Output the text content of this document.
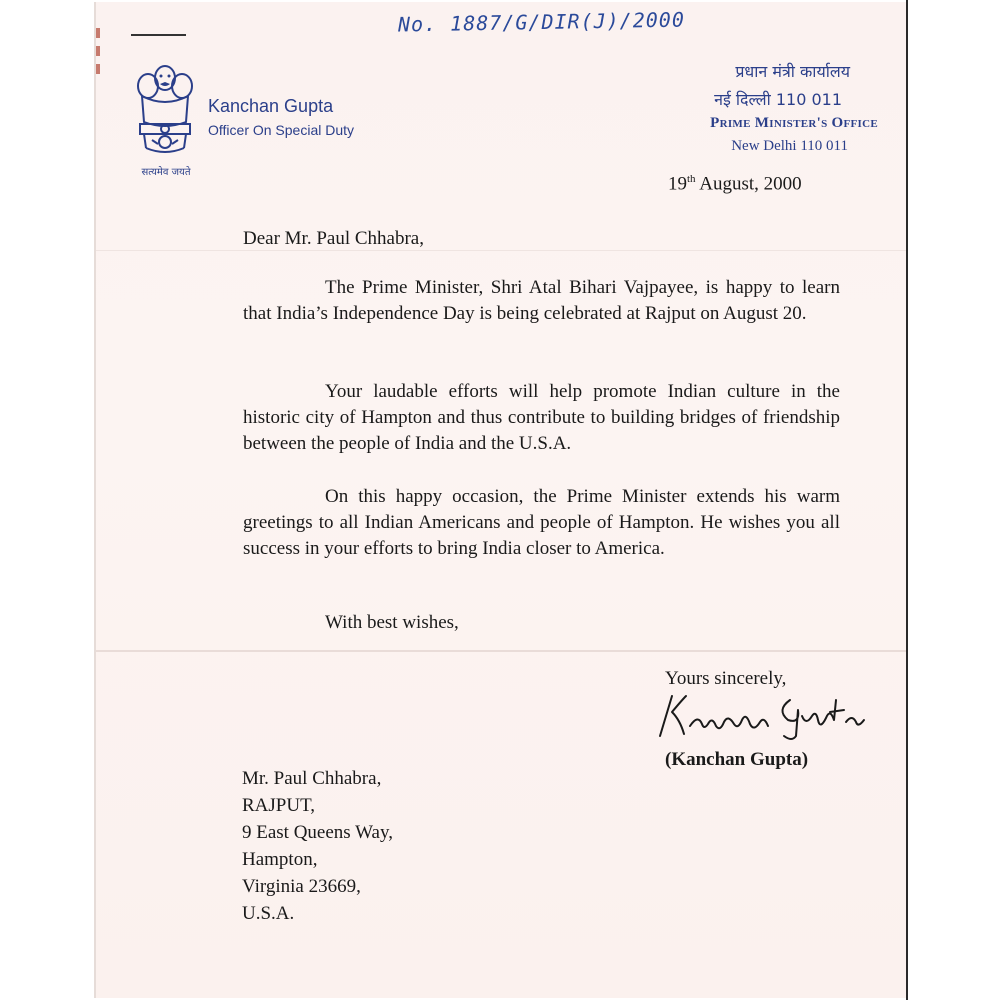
No. 1887/G/DIR(J)/2000
सत्यमेव जयते
Kanchan Gupta
Officer On Special Duty
प्रधान मंत्री कार्यालय
नई दिल्ली 110 011
Prime Minister's Office
New Delhi 110 011
19th August, 2000
Dear Mr. Paul Chhabra,

The Prime Minister, Shri Atal Bihari Vajpayee, is happy to learn that India’s Independence Day is being celebrated at Rajput on August 20.

Your laudable efforts will help promote Indian culture in the historic city of Hampton and thus contribute to building bridges of friendship between the people of India and the U.S.A.

On this happy occasion, the Prime Minister extends his warm greetings to all Indian Americans and people of Hampton. He wishes you all success in your efforts to bring India closer to America.

With best wishes,
Yours sincerely,
(Kanchan Gupta)
Mr. Paul Chhabra,
RAJPUT,
9 East Queens Way,
Hampton,
Virginia 23669,
U.S.A.
